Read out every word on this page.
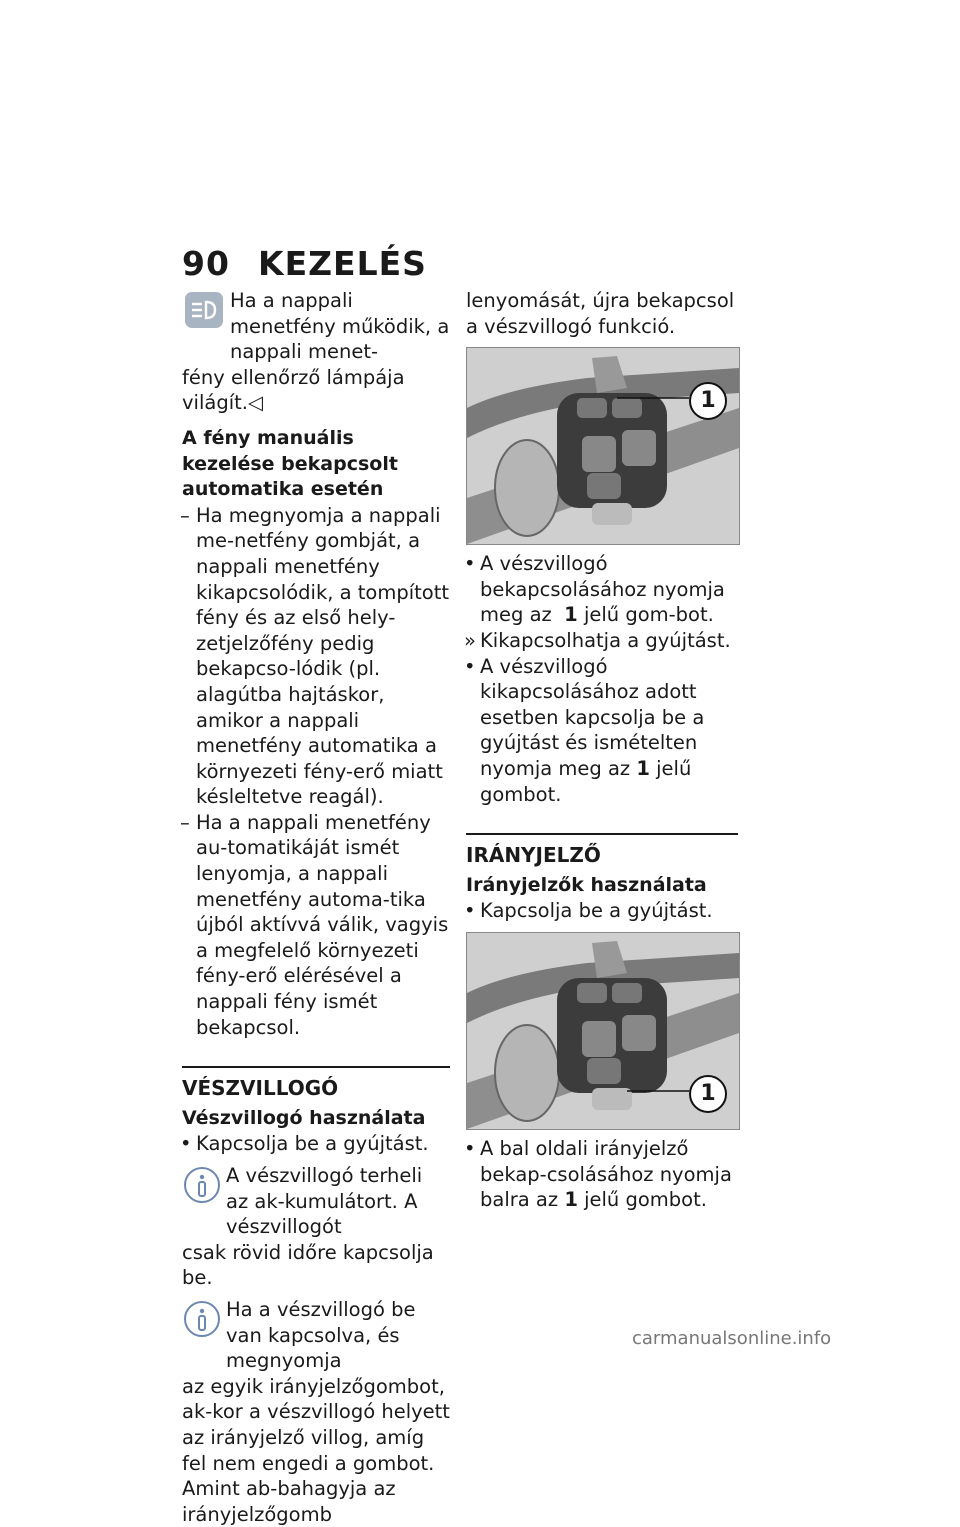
90 KEZELÉS

Ha a nappali menetfény működik, a nappali menet-

fény ellenőrző lámpája világít.◁

A fény manuális kezelése bekapcsolt automatika esetén

– Ha megnyomja a nappali me-netfény gombját, a nappali menetfény kikapcsolódik, a tompított fény és az első hely-zetjelzőfény pedig bekapcso-lódik (pl. alagútba hajtáskor, amikor a nappali menetfény automatika a környezeti fény-erő miatt késleltetve reagál).

– Ha a nappali menetfény au-tomatikáját ismét lenyomja, a nappali menetfény automa-tika újból aktívvá válik, vagyis a megfelelő környezeti fény-erő elérésével a nappali fény ismét bekapcsol.

VÉSZVILLOGÓ

Vészvillogó használata

• Kapcsolja be a gyújtást.

A vészvillogó terheli az ak-kumulátort. A vészvillogót

csak rövid időre kapcsolja be.

Ha a vészvillogó be van kapcsolva, és megnyomja

az egyik irányjelzőgombot, ak-kor a vészvillogó helyett az irányjelző villog, amíg fel nem engedi a gombot. Amint ab-bahagyja az irányjelzőgomb

lenyomását, újra bekapcsol a vészvillogó funkció.

1

• A vészvillogó bekapcsolásához nyomja meg az 1 jelű gom-bot.

» Kikapcsolhatja a gyújtást.

• A vészvillogó kikapcsolásához adott esetben kapcsolja be a gyújtást és ismételten nyomja meg az 1 jelű gombot.

IRÁNYJELZŐ

Irányjelzők használata

• Kapcsolja be a gyújtást.

1

• A bal oldali irányjelző bekap-csolásához nyomja balra az 1 jelű gombot.

carmanualsonline.info
